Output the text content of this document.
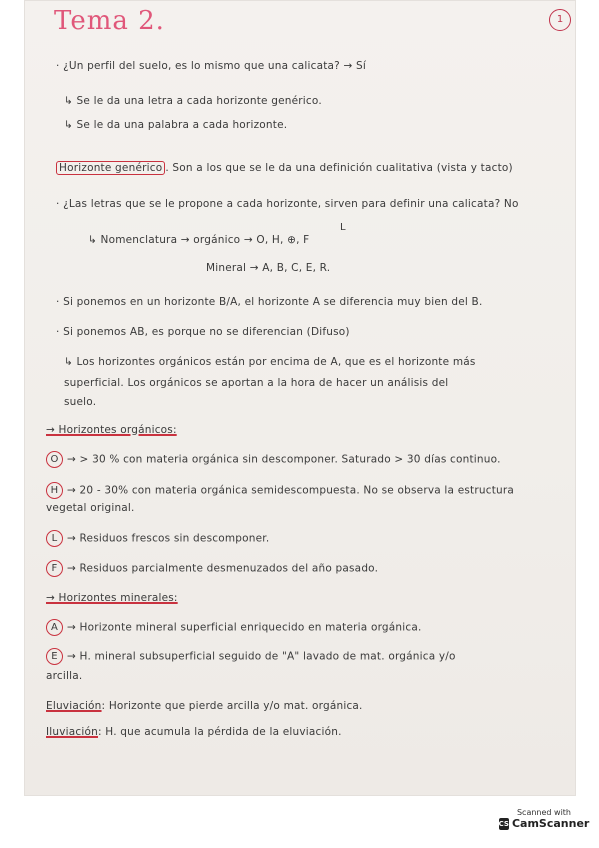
Tema 2.	1
· ¿Un perfil del suelo, es lo mismo que una calicata? → Sí
↳ Se le da una letra a cada horizonte genérico.
↳ Se le da una palabra a cada horizonte.
Horizonte genérico . Son a los que se le da una definición cualitativa (vista y tacto)
· ¿Las letras que se le propone a cada horizonte, sirven para definir una calicata? No
L
↳ Nomenclatura → orgánico → O, H, ⊕, F
Mineral → A, B, C, E, R.
· Si ponemos en un horizonte B/A, el horizonte A se diferencia muy bien del B.
· Si ponemos AB, es porque no se diferencian (Difuso)
↳ Los horizontes orgánicos están por encima de A, que es el horizonte más
superficial. Los orgánicos se aportan a la hora de hacer un análisis del
suelo.
→ Horizontes orgánicos:
O → > 30 % con materia orgánica sin descomponer. Saturado > 30 días continuo.
H → 20 - 30% con materia orgánica semidescompuesta. No se observa la estructura
vegetal original.
L → Residuos frescos sin descomponer.
F → Residuos parcialmente desmenuzados del año pasado.
→ Horizontes minerales:
A → Horizonte mineral superficial enriquecido en materia orgánica.
E → H. mineral subsuperficial seguido de "A" lavado de mat. orgánica y/o
arcilla.
Eluviación: Horizonte que pierde arcilla y/o mat. orgánica.
Iluviación: H. que acumula la pérdida de la eluviación.
Scanned with
CS CamScanner
